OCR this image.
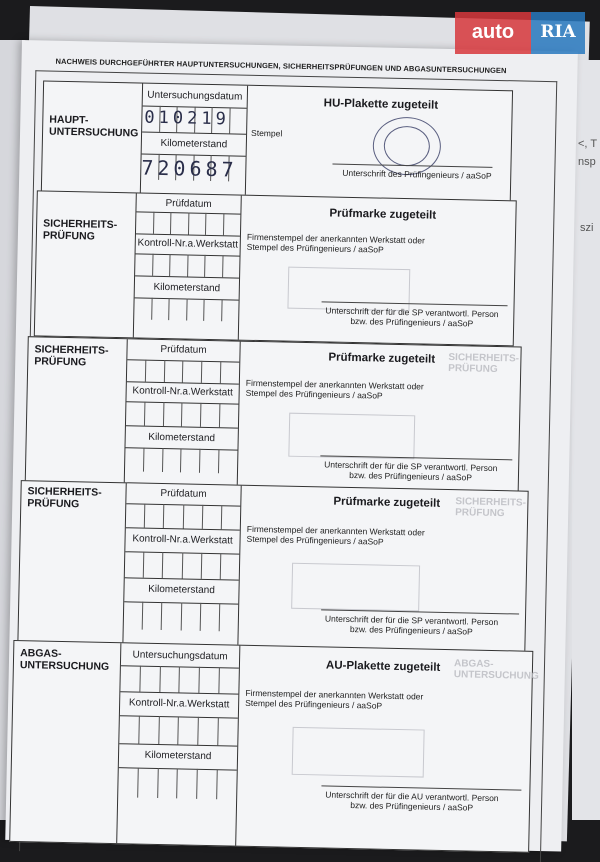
<, T
nsp
szi
NACHWEIS DURCHGEFÜHRTER HAUPTUNTERSUCHUNGEN, SICHERHEITSPRÜFUNGEN UND ABGASUNTERSUCHUNGEN
HAUPT-
UNTERSUCHUNG
Untersuchungsdatum
010219
Kilometerstand
720687
HU-Plakette zugeteilt
Stempel
Unterschrift des Prüfingenieurs / aaSoP
SICHERHEITS-
PRÜFUNG
Prüfdatum
Kontroll-Nr.a.Werkstatt
Kilometerstand
Prüfmarke zugeteilt
Firmenstempel der anerkannten Werkstatt oder
Stempel des Prüfingenieurs / aaSoP
Unterschrift der für die SP verantwortl. Person
bzw. des Prüfingenieurs / aaSoP
SICHERHEITS-
PRÜFUNG
Prüfdatum
Kontroll-Nr.a.Werkstatt
Kilometerstand
Prüfmarke zugeteilt
Firmenstempel der anerkannten Werkstatt oder
Stempel des Prüfingenieurs / aaSoP
SICHERHEITS-
PRÜFUNG
Unterschrift der für die SP verantwortl. Person
bzw. des Prüfingenieurs / aaSoP
SICHERHEITS-
PRÜFUNG
Prüfdatum
Kontroll-Nr.a.Werkstatt
Kilometerstand
Prüfmarke zugeteilt
Firmenstempel der anerkannten Werkstatt oder
Stempel des Prüfingenieurs / aaSoP
SICHERHEITS-
PRÜFUNG
Unterschrift der für die SP verantwortl. Person
bzw. des Prüfingenieurs / aaSoP
ABGAS-
UNTERSUCHUNG
Untersuchungsdatum
Kontroll-Nr.a.Werkstatt
Kilometerstand
AU-Plakette zugeteilt
Firmenstempel der anerkannten Werkstatt oder
Stempel des Prüfingenieurs / aaSoP
ABGAS-
UNTERSUCHUNG
Unterschrift der für die AU verantwortl. Person
bzw. des Prüfingenieurs / aaSoP
auto	RIA
